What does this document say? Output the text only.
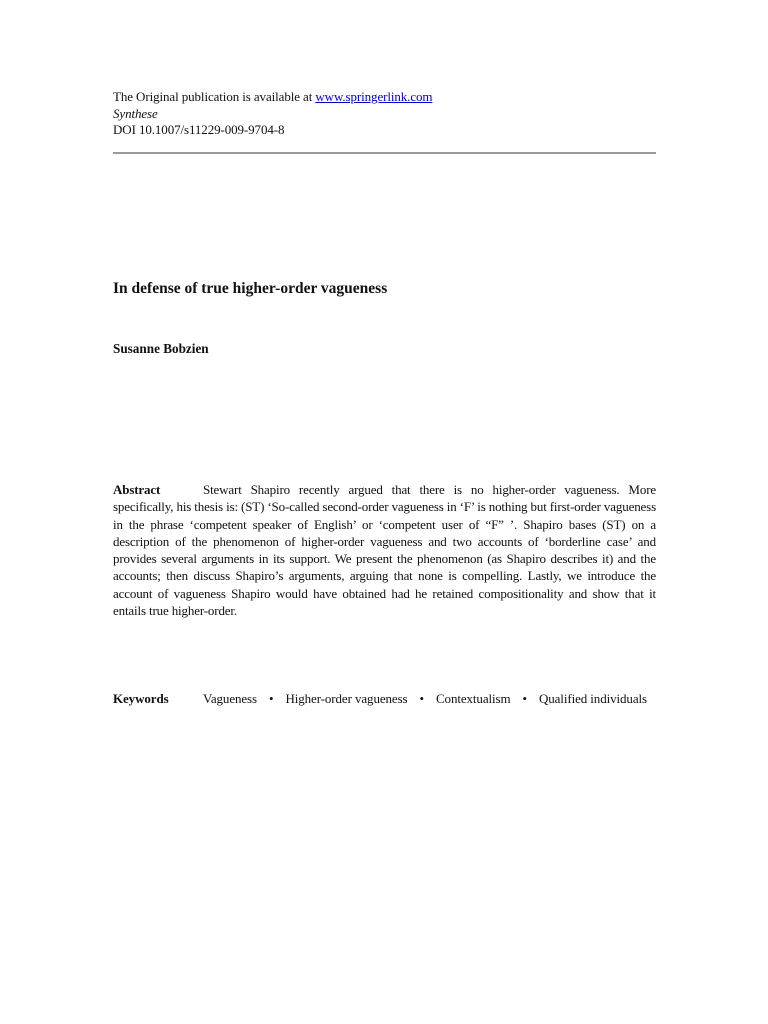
The Original publication is available at www.springerlink.com
Synthese
DOI 10.1007/s11229-009-9704-8
In defense of true higher-order vagueness
Susanne Bobzien

Abstract	Stewart Shapiro recently argued that there is no higher-order vagueness. More specifically, his thesis is: (ST) ‘So-called second-order vagueness in ‘F’ is nothing but first-order vagueness in the phrase ‘competent speaker of English’ or ‘competent user of “F” ’. Shapiro bases (ST) on a description of the phenomenon of higher-order vagueness and two accounts of ‘borderline case’ and provides several arguments in its support. We present the phenomenon (as Shapiro describes it) and the accounts; then discuss Shapiro’s arguments, arguing that none is compelling. Lastly, we introduce the account of vagueness Shapiro would have obtained had he retained compositionality and show that it entails true higher-order.

Keywords	Vagueness • Higher-order vagueness • Contextualism • Qualified individuals
